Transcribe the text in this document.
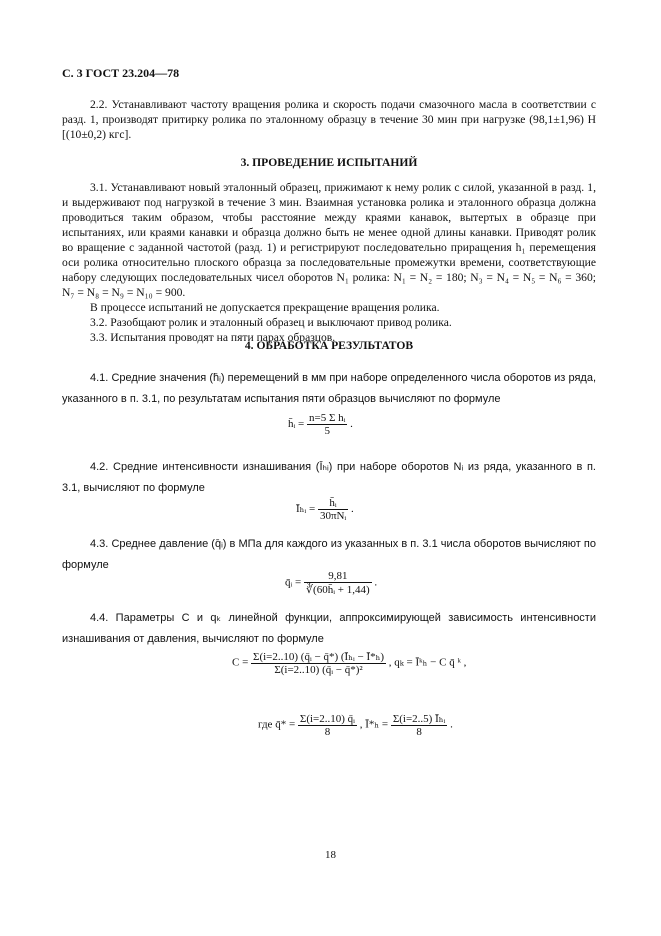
С. 3 ГОСТ 23.204—78

2.2. Устанавливают частоту вращения ролика и скорость подачи смазочного масла в соответствии с разд. 1, производят притирку ролика по эталонному образцу в течение 30 мин при нагрузке (98,1±1,96) Н [(10±0,2) кгс].

3. ПРОВЕДЕНИЕ ИСПЫТАНИЙ

3.1. Устанавливают новый эталонный образец, прижимают к нему ролик с силой, указанной в разд. 1, и выдерживают под нагрузкой в течение 3 мин. Взаимная установка ролика и эталонного образца должна проводиться таким образом, чтобы расстояние между краями канавок, вытертых в образце при испытаниях, или краями канавки и образца должно быть не менее одной длины канавки. Приводят ролик во вращение с заданной частотой (разд. 1) и регистрируют последовательно приращения h₁ перемещения оси ролика относительно плоского образца за последовательные промежутки времени, соответствующие набору следующих последовательных чисел оборотов N₁ ролика: N₁ = N₂ = 180; N₃ = N₄ = N₅ = N₆ = 360; N₇ = N₈ = N₉ = N₁₀ = 900.

В процессе испытаний не допускается прекращение вращения ролика.

3.2. Разобщают ролик и эталонный образец и выключают привод ролика.

3.3. Испытания проводят на пяти парах образцов.

4. ОБРАБОТКА РЕЗУЛЬТАТОВ

4.1. Средние значения (h̄ᵢ) перемещений в мм при наборе определенного числа оборотов из ряда, указанного в п. 3.1, по результатам испытания пяти образцов вычисляют по формуле

h̄ᵢ = $\frac{\text{n=5 Σ hᵢ}}{5}$ .

4.2. Средние интенсивности изнашивания (Īₕᵢ) при наборе оборотов Nᵢ из ряда, указанного в п. 3.1, вычисляют по формуле

Īₕᵢ = $\frac{\text{h̄ᵢ}}{\text{30πNᵢ}}$ .

4.3. Среднее давление (q̄ᵢ) в МПа для каждого из указанных в п. 3.1 числа оборотов вычисляют по формуле

q̄ᵢ = $\frac{9,81}{\text{∛(60h̄ᵢ + 1,44)}}$ .

4.4. Параметры C и qₖ линейной функции, аппроксимирующей зависимость интенсивности изнашивания от давления, вычисляют по формуле

$C = \frac{\text{Σ(i=2..10) (q̄ᵢ − q̄*) (Īₕᵢ − Ī*ₕ)}}{\text{Σ(i=2..10) (q̄ᵢ − q̄*)²}}$ , qₖ = Īᵏₕ − C q̄ ᵏ ,
где q̄* = $\frac{\text{Σ(i=2..10) q̄ᵢ}}{8}$ , Ī*ₕ = $\frac{\text{Σ(i=2..5) Īₕᵢ}}{8}$ .
18
